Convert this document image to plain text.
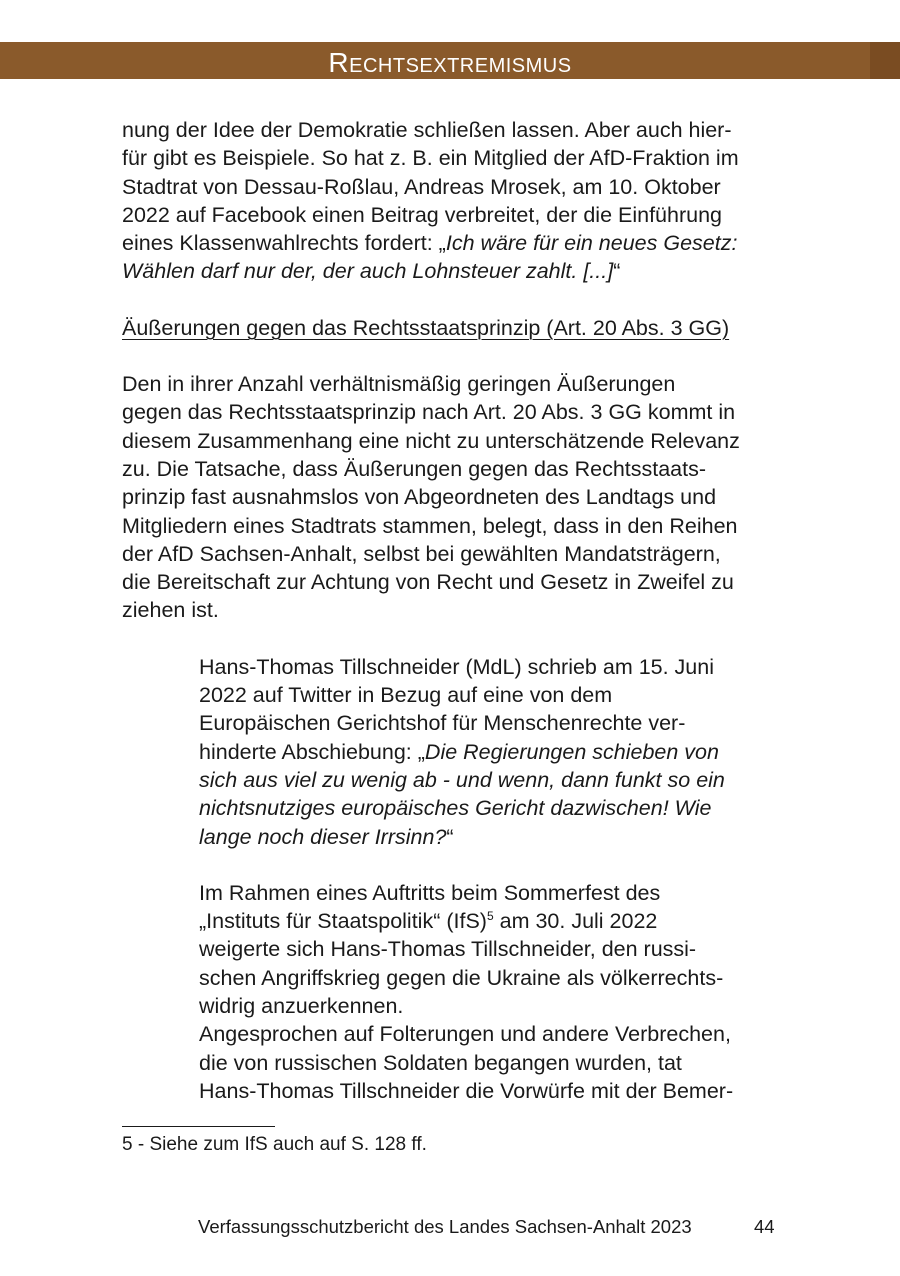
Rechtsextremismus

nung der Idee der Demokratie schließen lassen. Aber auch hier-
für gibt es Beispiele. So hat z. B. ein Mitglied der AfD-Fraktion im
Stadtrat von Dessau-Roßlau, Andreas Mrosek, am 10. Oktober
2022 auf Facebook einen Beitrag verbreitet, der die Einführung
eines Klassenwahlrechts fordert: „Ich wäre für ein neues Gesetz:
Wählen darf nur der, der auch Lohnsteuer zahlt. [...]“

Äußerungen gegen das Rechtsstaatsprinzip (Art. 20 Abs. 3 GG)

Den in ihrer Anzahl verhältnismäßig geringen Äußerungen
gegen das Rechtsstaatsprinzip nach Art. 20 Abs. 3 GG kommt in
diesem Zusammenhang eine nicht zu unterschätzende Relevanz
zu. Die Tatsache, dass Äußerungen gegen das Rechtsstaats-
prinzip fast ausnahmslos von Abgeordneten des Landtags und
Mitgliedern eines Stadtrats stammen, belegt, dass in den Reihen
der AfD Sachsen-Anhalt, selbst bei gewählten Mandatsträgern,
die Bereitschaft zur Achtung von Recht und Gesetz in Zweifel zu
ziehen ist.

Hans-Thomas Tillschneider (MdL) schrieb am 15. Juni
2022 auf Twitter in Bezug auf eine von dem
Europäischen Gerichtshof für Menschenrechte ver-
hinderte Abschiebung: „Die Regierungen schieben von
sich aus viel zu wenig ab - und wenn, dann funkt so ein
nichtsnutziges europäisches Gericht dazwischen! Wie
lange noch dieser Irrsinn?“

Im Rahmen eines Auftritts beim Sommerfest des
„Instituts für Staatspolitik“ (IfS)$^5$ am 30. Juli 2022
weigerte sich Hans-Thomas Tillschneider, den russi-
schen Angriffskrieg gegen die Ukraine als völkerrechts-
widrig anzuerkennen.
Angesprochen auf Folterungen und andere Verbrechen,
die von russischen Soldaten begangen wurden, tat
Hans-Thomas Tillschneider die Vorwürfe mit der Bemer-

5 - Siehe zum IfS auch auf S. 128 ff.
Verfassungsschutzbericht des Landes Sachsen-Anhalt 2023	44
